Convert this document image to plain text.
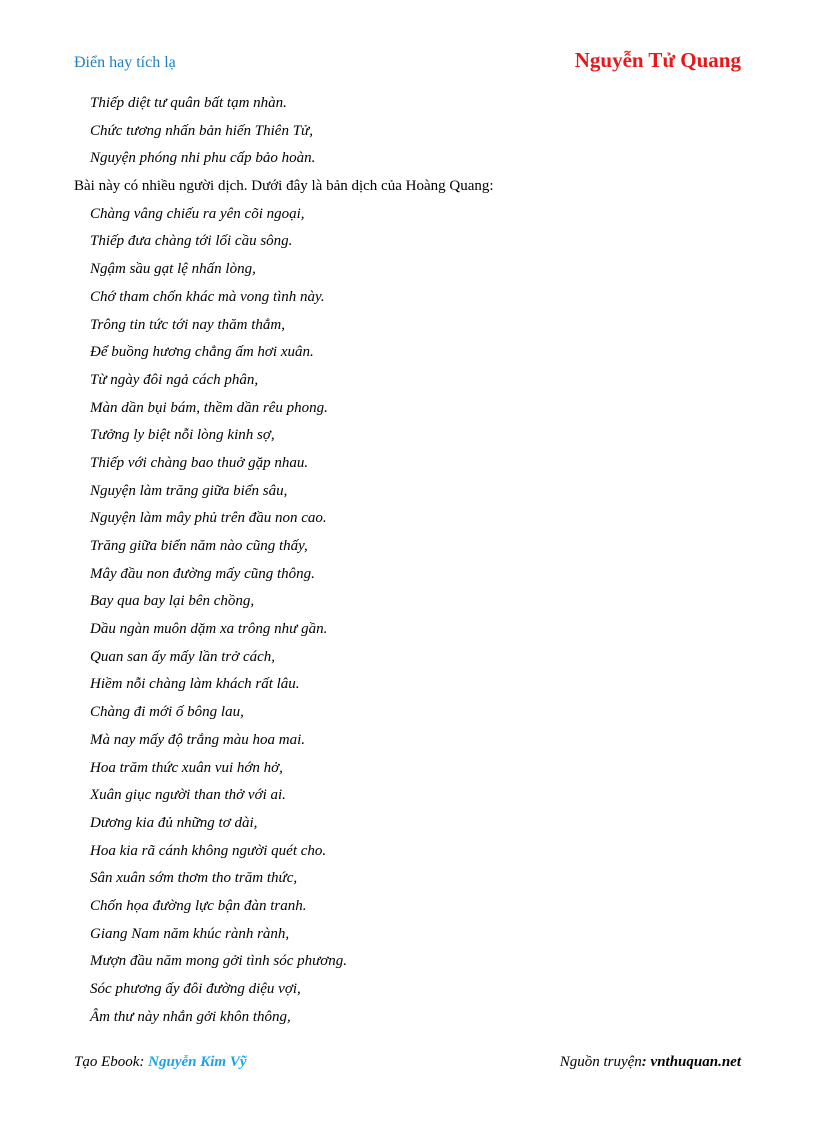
Điển hay tích lạ	Nguyễn Tử Quang
Thiếp diệt tư quân bất tạm nhàn.
Chức tương nhấn bản hiến Thiên Tử,
Nguyện phóng nhi phu cấp bảo hoàn.
Bài này có nhiều người dịch. Dưới đây là bản dịch của Hoàng Quang:
Chàng vâng chiếu ra yên cõi ngoại,
Thiếp đưa chàng tới lối cầu sông.
Ngậm sầu gạt lệ nhấn lòng,
Chớ tham chốn khác mà vong tình này.
Trông tin tức tới nay thăm thẳm,
Để buồng hương chẳng ấm hơi xuân.
Từ ngày đôi ngả cách phân,
Màn dần bụi bám, thềm dần rêu phong.
Tưởng ly biệt nỗi lòng kinh sợ,
Thiếp với chàng bao thuở gặp nhau.
Nguyện làm trăng giữa biển sâu,
Nguyện làm mây phủ trên đầu non cao.
Trăng giữa biển năm nào cũng thấy,
Mây đầu non đường mấy cũng thông.
Bay qua bay lại bên chồng,
Dầu ngàn muôn dặm xa trông như gần.
Quan san ấy mấy lần trở cách,
Hiềm nỗi chàng làm khách rất lâu.
Chàng đi mới ố bông lau,
Mà nay mấy độ trắng màu hoa mai.
Hoa trăm thức xuân vui hớn hở,
Xuân giục người than thở với ai.
Dương kia đủ những tơ dài,
Hoa kia rã cánh không người quét cho.
Sân xuân sớm thơm tho trăm thức,
Chốn họa đường lực bận đàn tranh.
Giang Nam năm khúc rành rành,
Mượn đầu năm mong gởi tình sóc phương.
Sóc phương ấy đôi đường diệu vợi,
Âm thư này nhắn gởi khôn thông,
Tạo Ebook: Nguyễn Kim Vỹ	Nguồn truyện: vnthuquan.net
